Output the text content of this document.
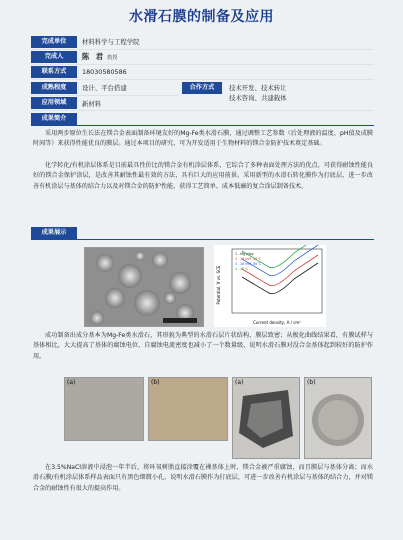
水滑石膜的制备及应用
完成单位	材料科学与工程学院
完成人	陈 君 教授
联系方式	18030580586
成熟程度	设计、平台搭建	合作方式	技术开发、技术转让
技术咨询、共建载体
应用领域	新材料
成果简介

采用两步原位生长法在镁合金表面制备环境友好的Mg-Fe类水滑石膜，通过调整工艺参数（后处理液的温度、pH值及成膜时间等）来获得性能优良的膜层。通过本项目的研究，可为开发适用于生物材料的镁合金防护技术奠定基础。

化学转化/有机涂层体系是目前最具性价比的镁合金有机涂层体系，它综合了多种表面处理方法的优点，可获得耐蚀性能良好的镁合金保护涂层，是改善其耐蚀性最有效的方法，具有巨大的应用前景。采用新型的水滑石转化膜作为打底层，进一步改善有机涂层与基体的结合力以及对镁合金的防护性能，获得工艺简单、成本低廉的复合涂层制备技术。

成果展示
Potential, V vs. SCE
Current density, A / cm²
1 - Mg alloy
2 - 28 mM, 20°C
3 - 28 mM, 90°C
4 - 40°C

成功制备出成分基本为Mg-Fe类水滑石，其形貌为典型的水滑石层片状结构，膜层致密；从极化曲线结果看，有膜试样与基体相比，大大提高了基体的腐蚀电位，自腐蚀电流密度也减小了一个数量级，说明水滑石膜对没合金基体起到较好的防护作用。

(a)	(b)	(a)	(b)

在3.5%NaCl溶液中浸泡一年半后，将环氧树脂直接涂覆在裸基体上时，镁合金被严重腐蚀，而且膜层与基体分离；而水滑石膜/有机涂层体系样品表面只有黑色细微小孔，说明水滑石膜作为打底层，可进一步改善有机涂层与基体的结合力，并对镁合金的耐蚀性有很大的提高作用。
